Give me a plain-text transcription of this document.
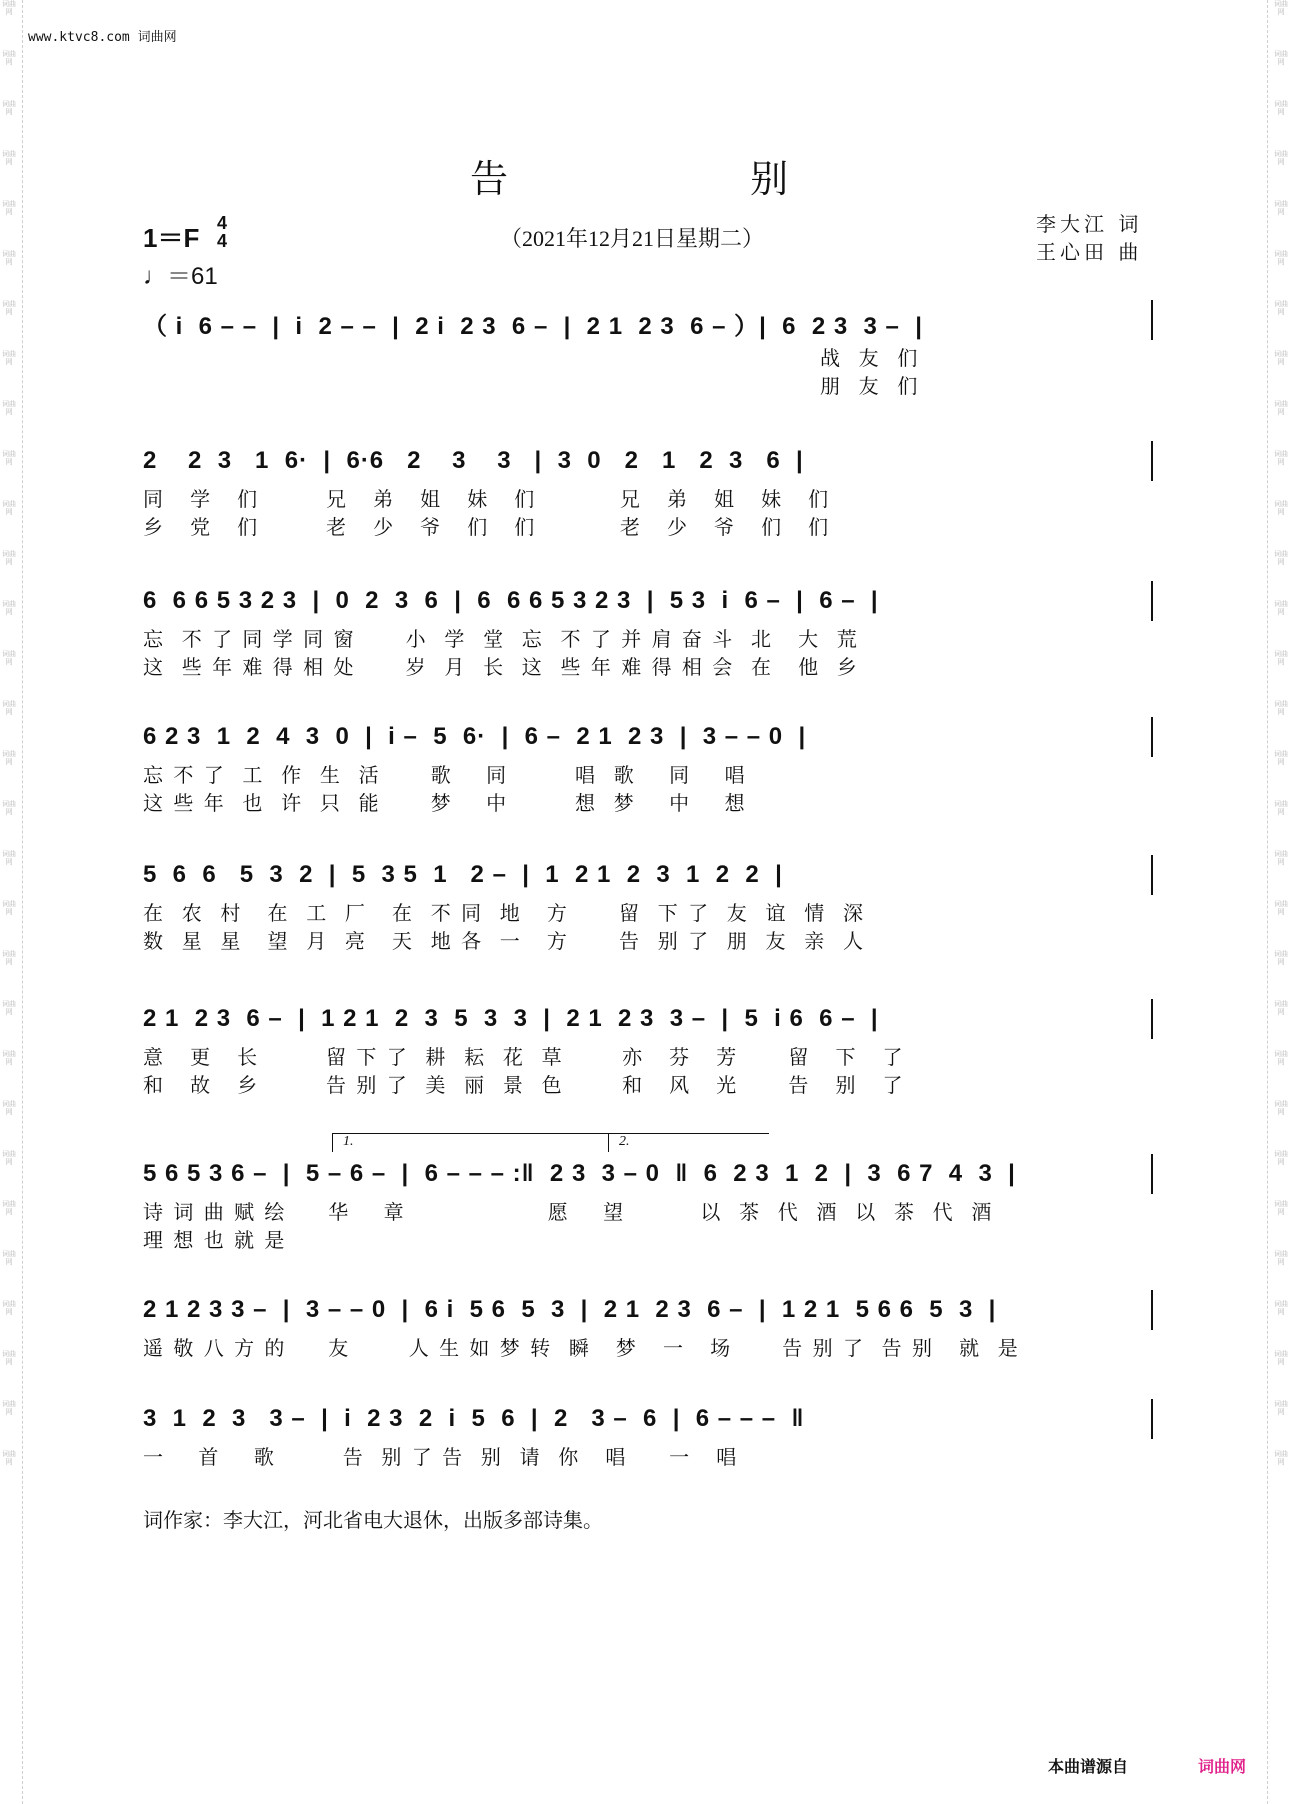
词曲网
词曲网
词曲网
词曲网
词曲网
词曲网
词曲网
词曲网
词曲网
词曲网
词曲网
词曲网
词曲网
词曲网
词曲网
词曲网
词曲网
词曲网
词曲网
词曲网
词曲网
词曲网
词曲网
词曲网
词曲网
词曲网
词曲网
词曲网
词曲网
词曲网
词曲网
词曲网
词曲网
词曲网
词曲网
词曲网
词曲网
词曲网
词曲网
词曲网
词曲网
词曲网
词曲网
词曲网
词曲网
词曲网
词曲网
词曲网
词曲网
词曲网
词曲网
词曲网
词曲网
词曲网
词曲网
词曲网
词曲网
词曲网
词曲网
词曲网
www.ktvc8.com 词曲网
告 别
1＝F 4
4
♩＝61
（2021年12月21日星期二）
李大江 词
王心田 曲
（ i  6 – –  |  i  2 – –  |  2 i  2 3  6 –  |  2 1  2 3  6 – ）|  6  2 3  3 –  |
战  友  们
朋  友  们
2    2  3   1  6·  |  6·6   2    3    3   |  3  0   2   1   2  3   6  |
同   学   们        兄   弟   姐   妹   们          兄   弟   姐   妹   们
乡   党   们        老   少   爷   们   们          老   少   爷   们   们
6  6 6 5 3 2 3  |  0  2  3  6  |  6  6 6 5 3 2 3  |  5 3  i  6 –  |  6 –  |
忘  不 了 同 学 同 窗      小  学  堂  忘  不 了 并 肩 奋 斗  北   大  荒
这  些 年 难 得 相 处      岁  月  长  这  些 年 难 得 相 会  在   他  乡
6 2 3  1  2  4  3  0  |  i –  5  6·  |  6 –  2 1  2 3  |  3 – – 0  |
忘 不 了  工  作  生  活      歌    同        唱  歌    同    唱
这 些 年  也  许  只  能      梦    中        想  梦    中    想
5  6  6   5  3  2  |  5  3 5  1   2 –  |  1  2 1  2  3  1  2  2  |
在  农  村   在  工  厂   在  不 同  地   方      留  下 了  友  谊  情  深
数  星  星   望  月  亮   天  地 各  一   方      告  别 了  朋  友  亲  人
2 1  2 3  6 –  |  1 2 1  2  3  5  3  3  |  2 1  2 3  3 –  |  5  i 6  6 –  |
意   更   长        留 下 了  耕  耘  花  草       亦   芬   芳      留   下   了
和   故   乡        告 别 了  美  丽  景  色       和   风   光      告   别   了
1.	2.
5 6 5 3 6 –  |  5 – 6 –  |  6 – – – :‖  2 3  3 – 0  ‖  6  2 3  1  2  |  3  6 7  4  3  |
诗 词 曲 赋 绘     华    章                 愿    望         以  茶  代  酒  以  茶  代  酒
理 想 也 就 是
2 1 2 3 3 –  |  3 – – 0  |  6 i  5 6  5  3  |  2 1  2 3  6 –  |  1 2 1  5 6 6  5  3  |
遥 敬 八 方 的     友       人 生 如 梦 转  瞬   梦   一   场      告 别 了  告 别   就  是
3  1  2  3   3 –  |  i  2 3  2  i  5  6  |  2   3 –  6  |  6 – – –  ‖
一    首    歌        告  别 了 告  别  请  你   唱     一   唱
词作家：李大江，河北省电大退休，出版多部诗集。
本曲谱源自	词曲网
